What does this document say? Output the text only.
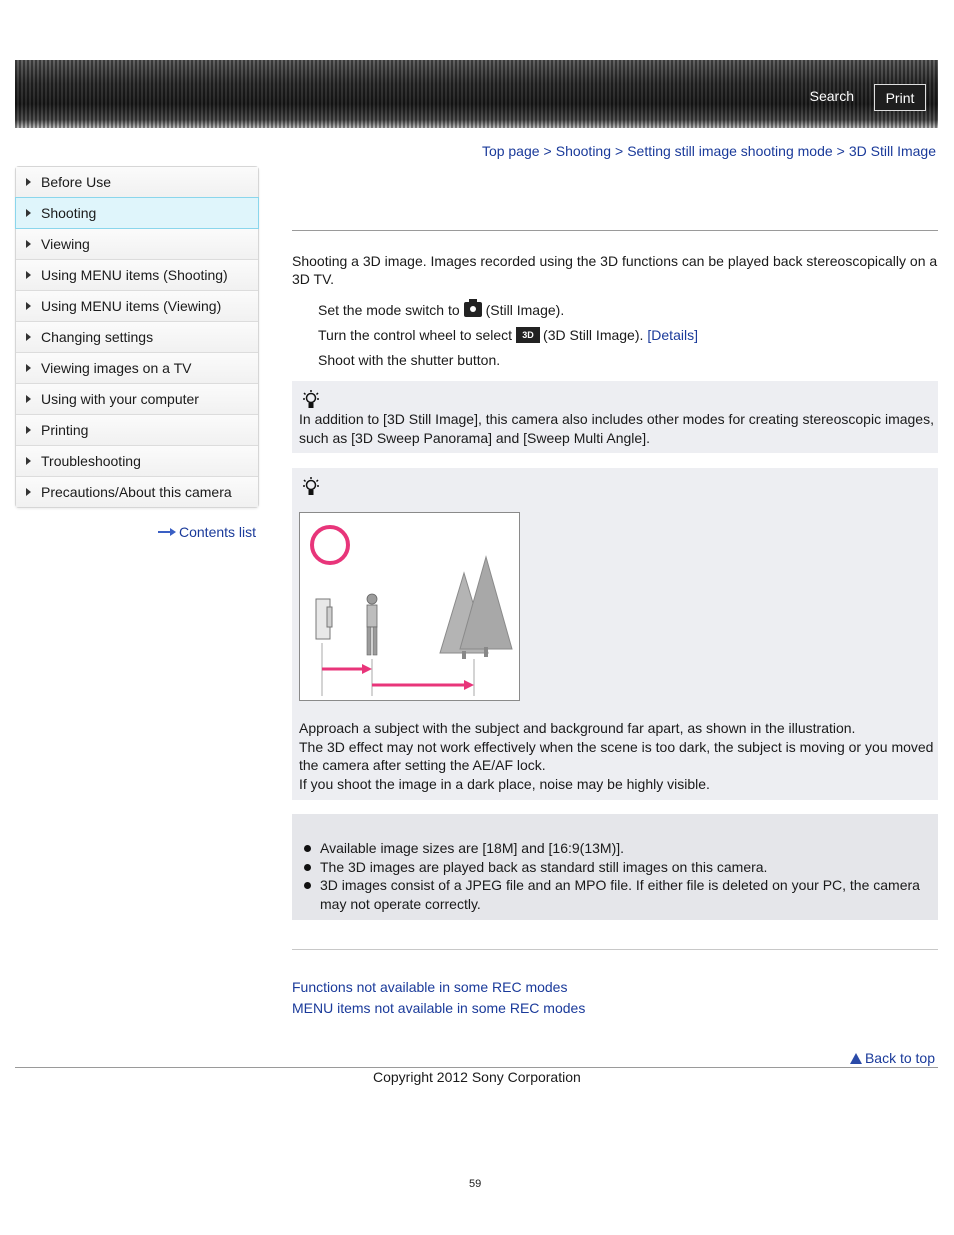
Search	Print
Top page > Shooting > Setting still image shooting mode > 3D Still Image
Before Use
Shooting
Viewing
Using MENU items (Shooting)
Using MENU items (Viewing)
Changing settings
Viewing images on a TV
Using with your computer
Printing
Troubleshooting
Precautions/About this camera
Contents list
Shooting a 3D image. Images recorded using the 3D functions can be played back stereoscopically on a 3D TV.
Set the mode switch to (Still Image).
Turn the control wheel to select	3D (3D Still Image). [Details]
Shoot with the shutter button.
In addition to [3D Still Image], this camera also includes other modes for creating stereoscopic images, such as [3D Sweep Panorama] and [Sweep Multi Angle].
Approach a subject with the subject and background far apart, as shown in the illustration.
The 3D effect may not work effectively when the scene is too dark, the subject is moving or you moved the camera after setting the AE/AF lock.
If you shoot the image in a dark place, noise may be highly visible.
Available image sizes are [18M] and [16:9(13M)].
The 3D images are played back as standard still images on this camera.
3D images consist of a JPEG file and an MPO file. If either file is deleted on your PC, the camera may not operate correctly.
Functions not available in some REC modes
MENU items not available in some REC modes
Back to top
Copyright 2012 Sony Corporation
59
